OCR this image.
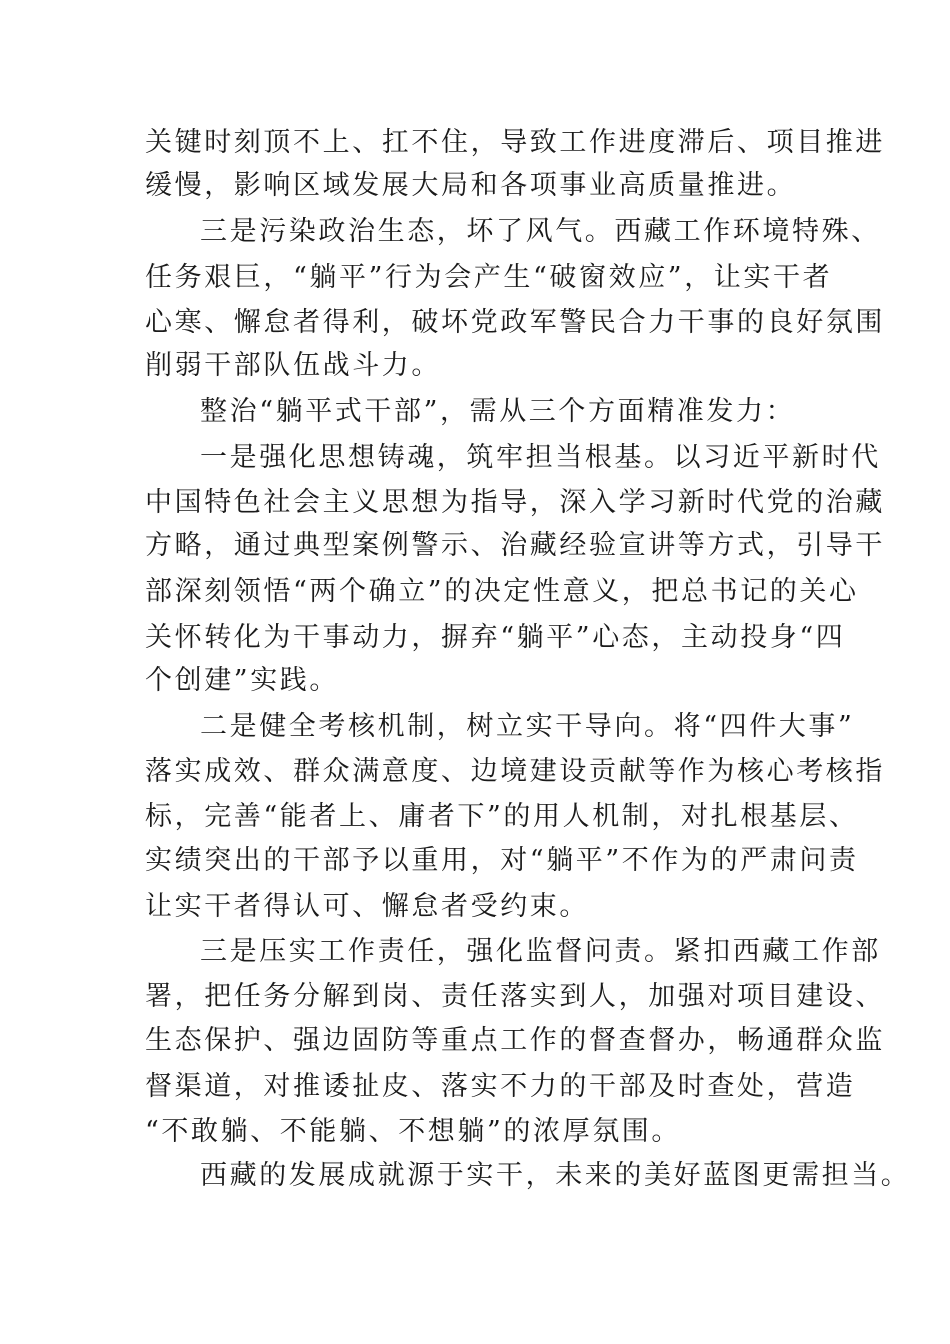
关键时刻顶不上、扛不住，导致工作进度滞后、项目推进
缓慢，影响区域发展大局和各项事业高质量推进。
三是污染政治生态，坏了风气。西藏工作环境特殊、
任务艰巨，“躺平”行为会产生“破窗效应”，让实干者
心寒、懈怠者得利，破坏党政军警民合力干事的良好氛围
削弱干部队伍战斗力。
整治“躺平式干部”，需从三个方面精准发力：
一是强化思想铸魂，筑牢担当根基。以习近平新时代
中国特色社会主义思想为指导，深入学习新时代党的治藏
方略，通过典型案例警示、治藏经验宣讲等方式，引导干
部深刻领悟“两个确立”的决定性意义，把总书记的关心
关怀转化为干事动力，摒弃“躺平”心态，主动投身“四
个创建”实践。
二是健全考核机制，树立实干导向。将“四件大事”
落实成效、群众满意度、边境建设贡献等作为核心考核指
标，完善“能者上、庸者下”的用人机制，对扎根基层、
实绩突出的干部予以重用，对“躺平”不作为的严肃问责
让实干者得认可、懈怠者受约束。
三是压实工作责任，强化监督问责。紧扣西藏工作部
署，把任务分解到岗、责任落实到人，加强对项目建设、
生态保护、强边固防等重点工作的督查督办，畅通群众监
督渠道，对推诿扯皮、落实不力的干部及时查处，营造
“不敢躺、不能躺、不想躺”的浓厚氛围。
西藏的发展成就源于实干，未来的美好蓝图更需担当。
